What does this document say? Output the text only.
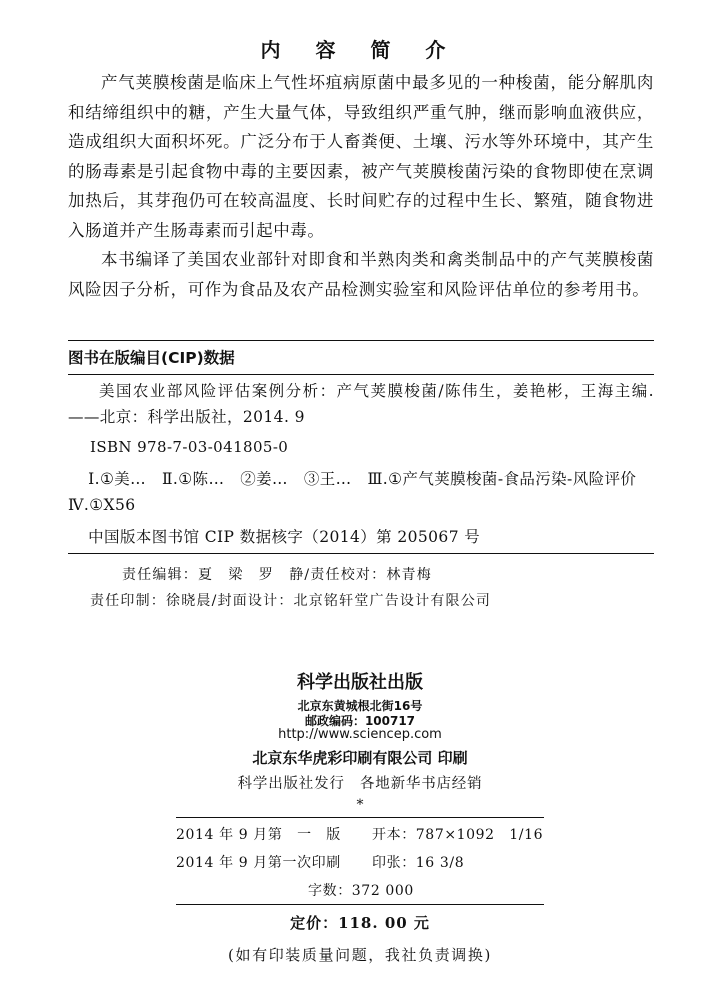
内 容 简 介

产气荚膜梭菌是临床上气性坏疽病原菌中最多见的一种梭菌，能分解肌肉和结缔组织中的糖，产生大量气体，导致组织严重气肿，继而影响血液供应，造成组织大面积坏死。广泛分布于人畜粪便、土壤、污水等外环境中，其产生的肠毒素是引起食物中毒的主要因素，被产气荚膜梭菌污染的食物即使在烹调加热后，其芽孢仍可在较高温度、长时间贮存的过程中生长、繁殖，随食物进入肠道并产生肠毒素而引起中毒。

本书编译了美国农业部针对即食和半熟肉类和禽类制品中的产气荚膜梭菌风险因子分析，可作为食品及农产品检测实验室和风险评估单位的参考用书。

图书在版编目(CIP)数据
美国农业部风险评估案例分析：产气荚膜梭菌/陈伟生，姜艳彬，王海主编. ——北京：科学出版社，2014. 9
ISBN 978-7-03-041805-0
Ⅰ.①美…　Ⅱ.①陈…　②姜…　③王…　Ⅲ.①产气荚膜梭菌-食品污染-风险评价　Ⅳ.①X56
中国版本图书馆 CIP 数据核字（2014）第 205067 号
责任编辑：夏　梁　罗　静/责任校对：林青梅
责任印制：徐晓晨/封面设计：北京铭轩堂广告设计有限公司
科学出版社出版
北京东黄城根北街16号
邮政编码：100717
http://www.sciencep.com
北京东华虎彩印刷有限公司 印刷
科学出版社发行　各地新华书店经销
*
2014 年 9 月第　一　版 开本：787×1092　1/16
2014 年 9 月第一次印刷 印张：16 3/8
字数：372 000
定价：118. 00 元
(如有印装质量问题，我社负责调换)
